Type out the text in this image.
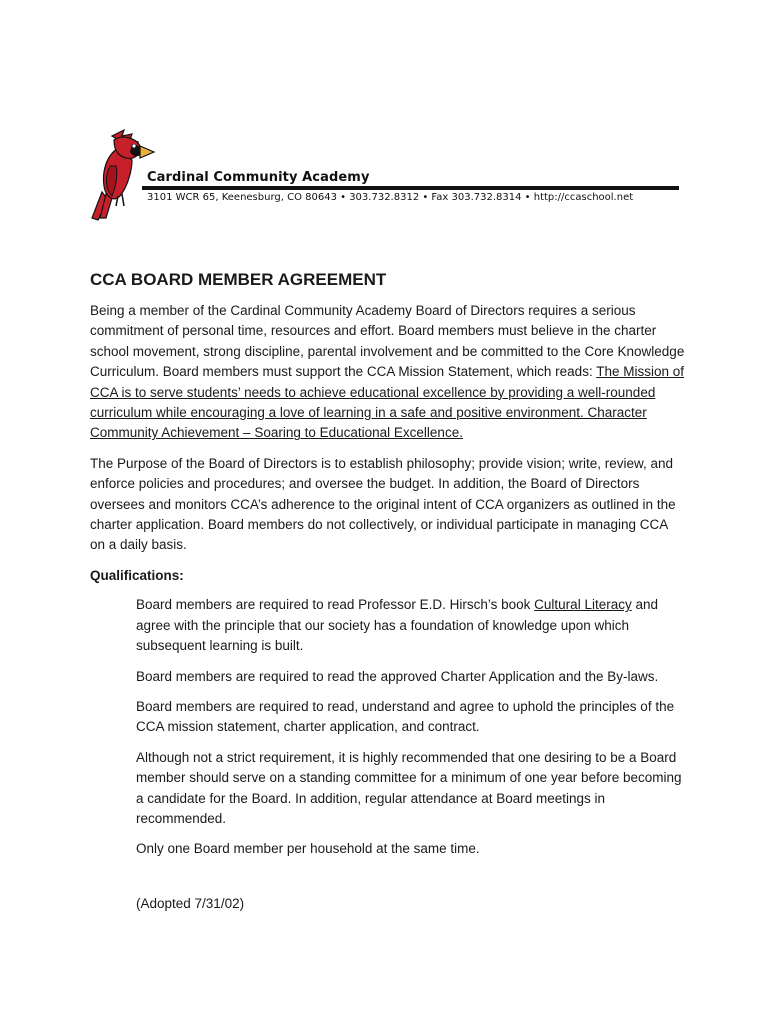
Cardinal Community Academy
3101 WCR 65, Keenesburg, CO 80643 • 303.732.8312 • Fax 303.732.8314 • http://ccaschool.net
CCA BOARD MEMBER AGREEMENT

Being a member of the Cardinal Community Academy Board of Directors requires a serious commitment of personal time, resources and effort. Board members must believe in the charter school movement, strong discipline, parental involvement and be committed to the Core Knowledge Curriculum. Board members must support the CCA Mission Statement, which reads: The Mission of CCA is to serve students’ needs to achieve educational excellence by providing a well-rounded curriculum while encouraging a love of learning in a safe and positive environment. Character Community Achievement – Soaring to Educational Excellence.

The Purpose of the Board of Directors is to establish philosophy; provide vision; write, review, and enforce policies and procedures; and oversee the budget. In addition, the Board of Directors oversees and monitors CCA’s adherence to the original intent of CCA organizers as outlined in the charter application. Board members do not collectively, or individual participate in managing CCA on a daily basis.

Qualifications:

Board members are required to read Professor E.D. Hirsch’s book Cultural Literacy and agree with the principle that our society has a foundation of knowledge upon which subsequent learning is built.

Board members are required to read the approved Charter Application and the By-laws.

Board members are required to read, understand and agree to uphold the principles of the CCA mission statement, charter application, and contract.

Although not a strict requirement, it is highly recommended that one desiring to be a Board member should serve on a standing committee for a minimum of one year before becoming a candidate for the Board. In addition, regular attendance at Board meetings in recommended.

Only one Board member per household at the same time.

(Adopted 7/31/02)
